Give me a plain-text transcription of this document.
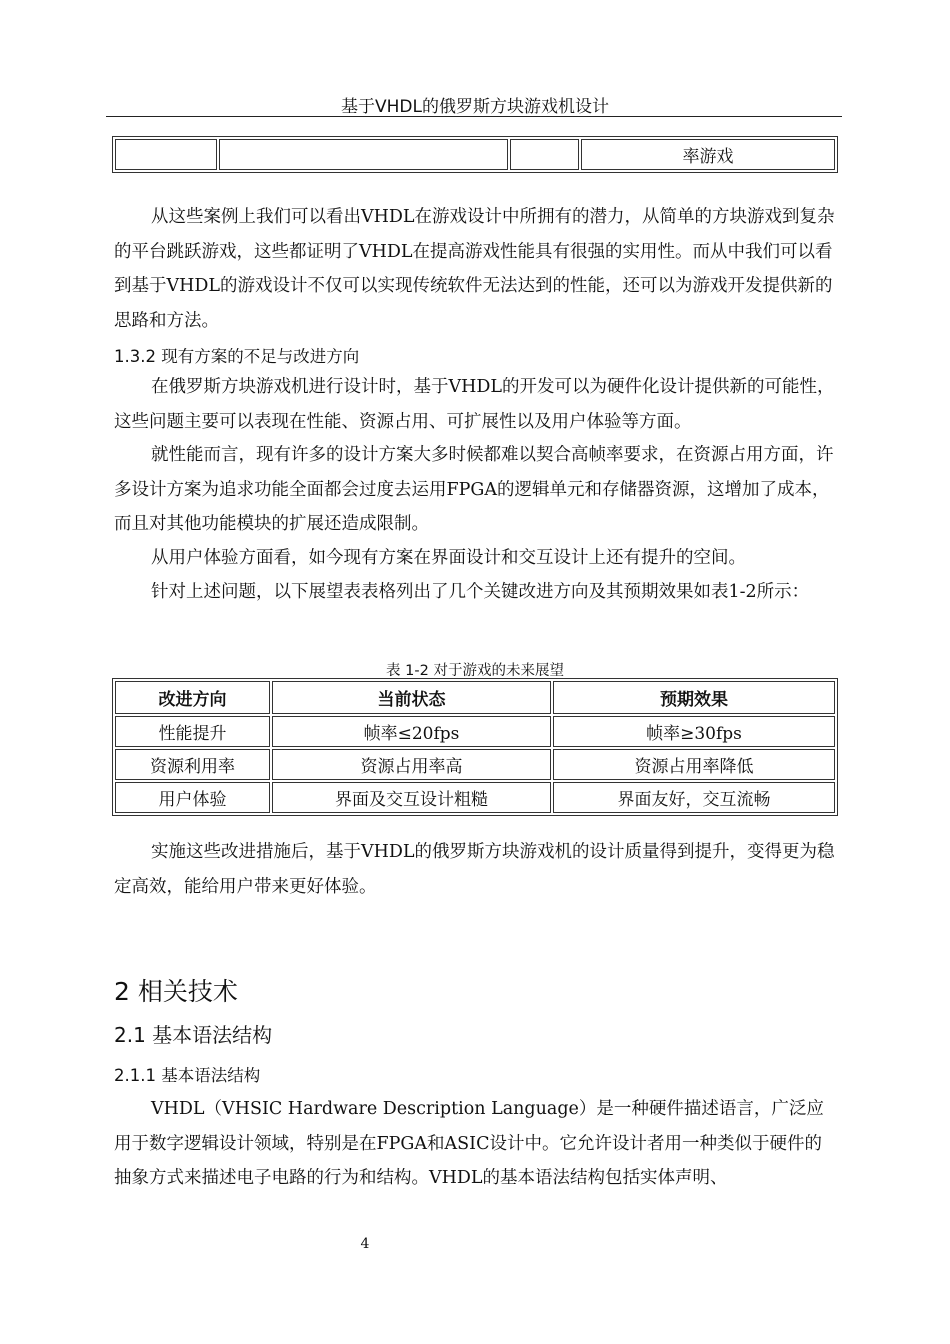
基于VHDL的俄罗斯方块游戏机设计
			率游戏

从这些案例上我们可以看出VHDL在游戏设计中所拥有的潜力，从简单的方块游戏到复杂的平台跳跃游戏，这些都证明了VHDL在提高游戏性能具有很强的实用性。而从中我们可以看到基于VHDL的游戏设计不仅可以实现传统软件无法达到的性能，还可以为游戏开发提供新的思路和方法。

1.3.2 现有方案的不足与改进方向

在俄罗斯方块游戏机进行设计时，基于VHDL的开发可以为硬件化设计提供新的可能性，这些问题主要可以表现在性能、资源占用、可扩展性以及用户体验等方面。

就性能而言，现有许多的设计方案大多时候都难以契合高帧率要求，在资源占用方面，许多设计方案为追求功能全面都会过度去运用FPGA的逻辑单元和存储器资源，这增加了成本，而且对其他功能模块的扩展还造成限制。

从用户体验方面看，如今现有方案在界面设计和交互设计上还有提升的空间。

针对上述问题，以下展望表表格列出了几个关键改进方向及其预期效果如表1-2所示：

表 1-2 对于游戏的未来展望
改进方向	当前状态	预期效果
性能提升	帧率≤20fps	帧率≥30fps
资源利用率	资源占用率高	资源占用率降低
用户体验	界面及交互设计粗糙	界面友好，交互流畅

实施这些改进措施后，基于VHDL的俄罗斯方块游戏机的设计质量得到提升，变得更为稳定高效，能给用户带来更好体验。

2 相关技术
2.1 基本语法结构
2.1.1 基本语法结构

VHDL（VHSIC Hardware Description Language）是一种硬件描述语言，广泛应用于数字逻辑设计领域，特别是在FPGA和ASIC设计中。它允许设计者用一种类似于硬件的抽象方式来描述电子电路的行为和结构。VHDL的基本语法结构包括实体声明、

4
